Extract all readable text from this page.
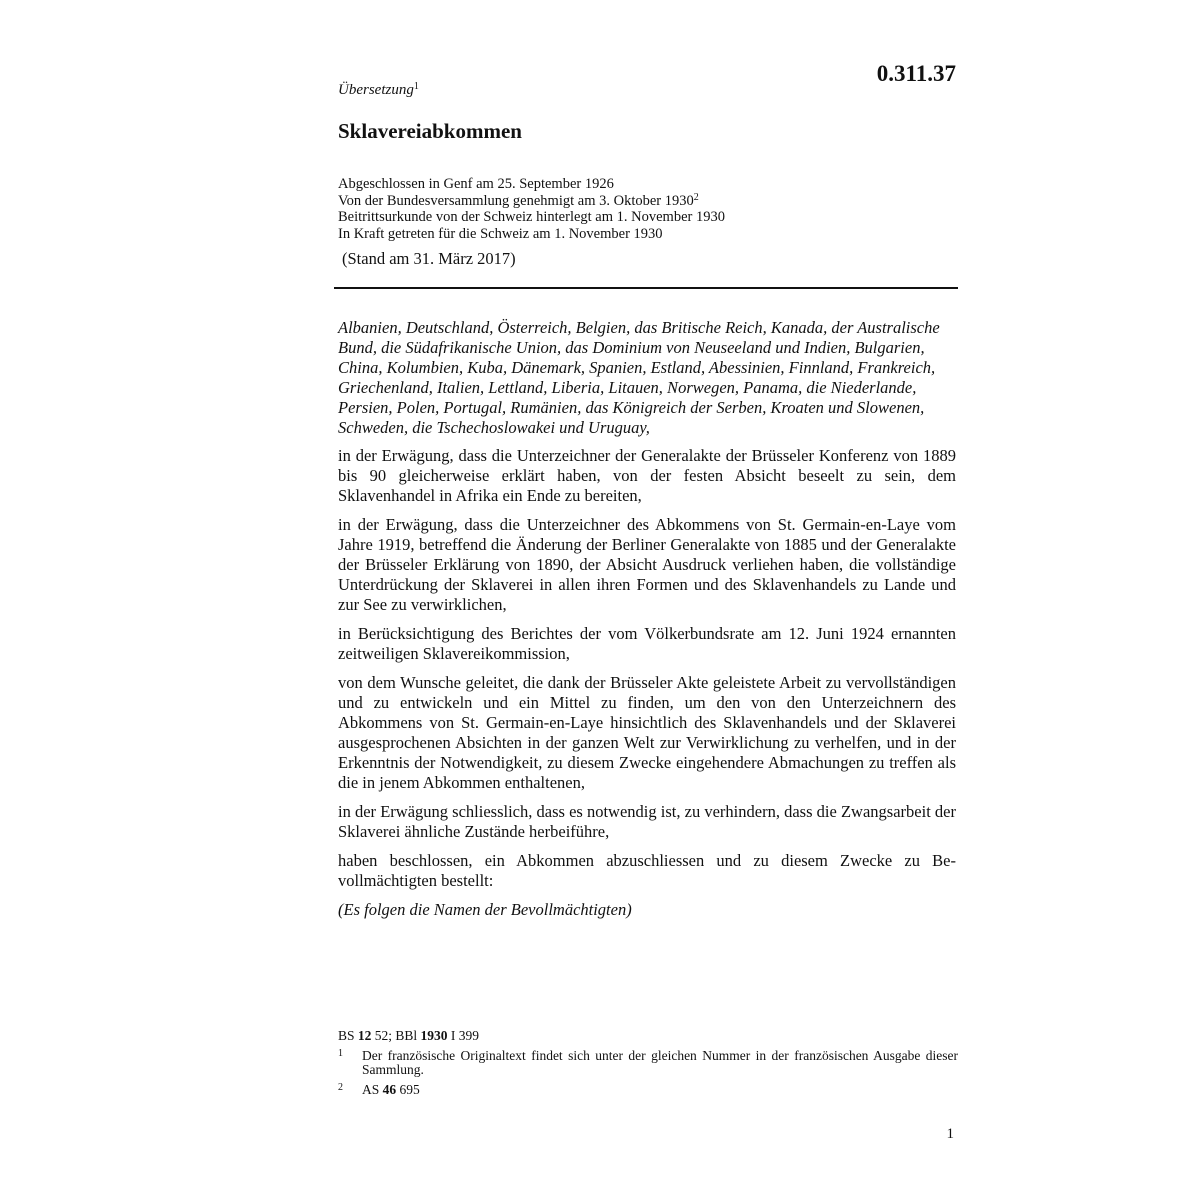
0.311.37
Übersetzung$^1$
Sklavereiabkommen
Abgeschlossen in Genf am 25. September 1926
Von der Bundesversammlung genehmigt am 3. Oktober 1930$^2$
Beitrittsurkunde von der Schweiz hinterlegt am 1. November 1930
In Kraft getreten für die Schweiz am 1. November 1930
(Stand am 31. März 2017)

Albanien, Deutschland, Österreich, Belgien, das Britische Reich, Kanada, der Australische Bund, die Südafrikanische Union, das Dominium von Neuseeland und Indien, Bulgarien, China, Kolumbien, Kuba, Dänemark, Spanien, Estland, Abessinien, Finnland, Frankreich, Griechenland, Italien, Lettland, Liberia, Litauen, Norwegen, Panama, die Niederlande, Persien, Polen, Portugal, Rumänien, das Königreich der Serben, Kroaten und Slowenen, Schweden, die Tschechoslowakei und Uruguay,

in der Erwägung, dass die Unterzeichner der Generalakte der Brüsseler Konferenz von 1889 bis 90 gleicherweise erklärt haben, von der festen Absicht beseelt zu sein, dem Sklavenhandel in Afrika ein Ende zu bereiten,

in der Erwägung, dass die Unterzeichner des Abkommens von St. Germain-en-Laye vom Jahre 1919, betreffend die Änderung der Berliner Generalakte von 1885 und der Generalakte der Brüsseler Erklärung von 1890, der Absicht Ausdruck verliehen haben, die vollständige Unterdrückung der Sklaverei in allen ihren Formen und des Sklavenhandels zu Lande und zur See zu verwirklichen,

in Berücksichtigung des Berichtes der vom Völkerbundsrate am 12. Juni 1924 ernannten zeitweiligen Sklavereikommission,

von dem Wunsche geleitet, die dank der Brüsseler Akte geleistete Arbeit zu vervollständigen und zu entwickeln und ein Mittel zu finden, um den von den Unterzeichnern des Abkommens von St. Germain-en-Laye hinsichtlich des Sklavenhandels und der Sklaverei ausgesprochenen Absichten in der ganzen Welt zur Verwirklichung zu verhelfen, und in der Erkenntnis der Notwendigkeit, zu diesem Zwecke eingehendere Abmachungen zu treffen als die in jenem Abkommen enthaltenen,

in der Erwägung schliesslich, dass es notwendig ist, zu verhindern, dass die Zwangsarbeit der Sklaverei ähnliche Zustände herbeiführe,

haben beschlossen, ein Abkommen abzuschliessen und zu diesem Zwecke zu Bevollmächtigten bestellt:

(Es folgen die Namen der Bevollmächtigten)

BS 12 52; BBl 1930 I 399
1 Der französische Originaltext findet sich unter der gleichen Nummer in der französischen Ausgabe dieser Sammlung.
2 AS 46 695
1
